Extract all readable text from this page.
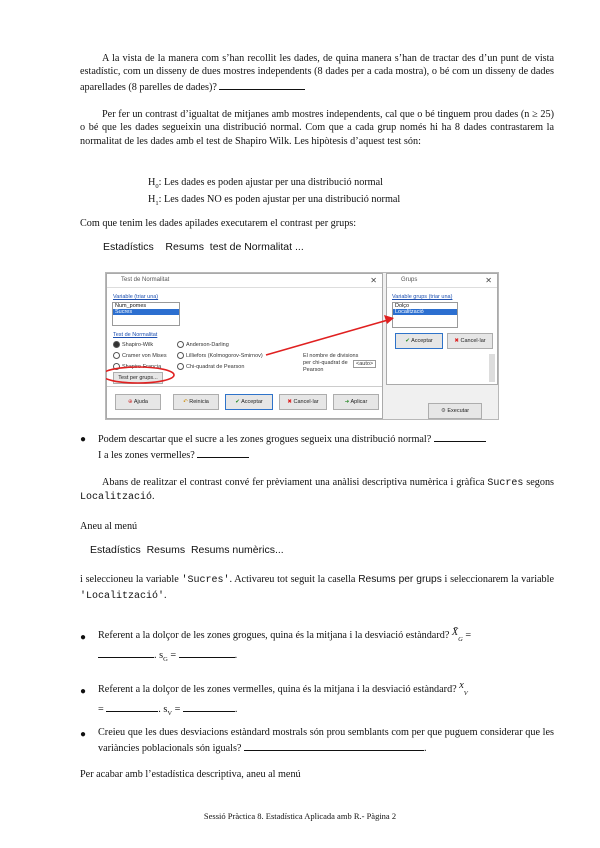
A la vista de la manera com s’han recollit les dades, de quina manera s’han de tractar des d’un punt de vista estadístic, com un disseny de dues mostres independents (8 dades per a cada mostra), o bé com un disseny de dades aparellades (8 parelles de dades)?
Per fer un contrast d’igualtat de mitjanes amb mostres independents, cal que o bé tinguem prou dades (n ≥ 25) o bé que les dades segueixin una distribució normal. Com que a cada grup només hi ha 8 dades contrastarem la normalitat de les dades amb el test de Shapiro Wilk. Les hipòtesis d’aquest test són:
$H_0$: Les dades es poden ajustar per una distribució normal
$H_1$: Les dades NO es poden ajustar per una distribució normal
Com que tenim les dades apilades executarem el contrast per grups:
Estadístics    Resums  test de Normalitat ...
Test de Normalitat	✕
Variable (triar una)
Num_pomes
Sucres
Test de Normalitat
Shapiro-Wilk	Anderson-Darling
Cramer von Mises	Lilliefors (Kolmogorov-Smirnov)
Shapiro-Francia	Chi-quadrat de Pearson
El nombre de divisions per chi-quadrat de Pearson
<auto>
Test per grups...
⊕ Ajuda	↶ Reinicia	✔ Acceptar	✖ Cancel·lar	➜ Aplicar
Grups	✕
Variable grups (triar una)
Dolço
Localització
✔ Acceptar	✖ Cancel·lar
⚙ Executar
● Podem descartar que el sucre a les zones grogues segueix una distribució normal?
I a les zones vermelles?
Abans de realitzar el contrast convé fer prèviament una anàlisi descriptiva numèrica i gràfica Sucres segons Localització.
Aneu al menú
Estadístics  Resums  Resums numèrics...
i seleccioneu la variable 'Sucres'. Activareu tot seguit la casella Resums per grups i seleccionarem la variable 'Localització'.
● Referent a la dolçor de les zones grogues, quina és la mitjana i la desviació estàndard? $X̄_G$ =
. $s_G$ =	.
● Referent a la dolçor de les zones vermelles, quina és la mitjana i la desviació estàndard? $x_V$
=	. $s_V$ =	.
● Creieu que les dues desviacions estàndard mostrals són prou semblants com per que puguem considerar que les variàncies poblacionals són iguals?	.
Per acabar amb l’estadística descriptiva, aneu al menú
Sessió Pràctica 8. Estadística Aplicada amb R.- Pàgina 2
